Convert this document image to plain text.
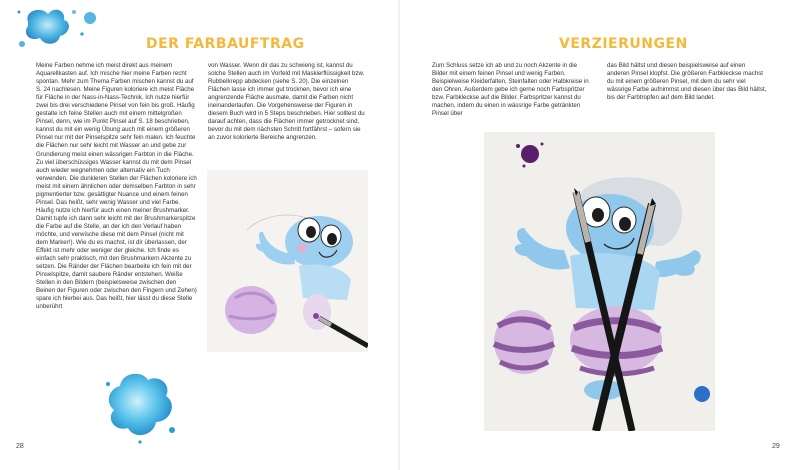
DER FARBAUFTRAG
Meine Farben nehme ich meist direkt aus meinem Aquarellkasten auf. Ich mische hier meine Farben recht spontan. Mehr zum Thema Farben mischen kannst du auf S. 24 nachlesen. Meine Figuren koloriere ich meist Fläche für Fläche in der Nass-in-Nass-Technik. Ich nutze hierfür zwei bis drei verschiedene Pinsel von fein bis groß. Häufig gestalte ich feine Stellen auch mit einem mittelgroßen Pinsel, denn, wie im Punkt Pinsel auf S. 18 beschrieben, kannst du mit ein wenig Übung auch mit einem größeren Pinsel nur mit der Pinselspitze sehr fein malen. Ich feuchte die Flächen nur sehr leicht mit Wasser an und gebe zur Grundierung meist einen wässrigen Farbton in die Fläche. Zu viel überschüssiges Wasser kannst du mit dem Pinsel auch wieder wegnehmen oder alternativ ein Tuch verwenden. Die dunkleren Stellen der Flächen koloriere ich meist mit einem ähnlichen oder demselben Farbton in sehr pigmentierter bzw. gesättigter Nuance und einem feinen Pinsel. Das heißt, sehr wenig Wasser und viel Farbe. Häufig nutze ich hierfür auch einen meiner Brushmarker. Damit tupfe ich dann sehr leicht mit der Brushmarkerspitze die Farbe auf die Stelle, an der ich den Verlauf haben möchte, und verwische diese mit dem Pinsel (nicht mit dem Marker!). Wie du es machst, ist dir überlassen, der Effekt ist mehr oder weniger der gleiche. Ich finde es einfach sehr praktisch, mit den Brushmarkern Akzente zu setzen. Die Ränder der Flächen bearbeite ich fein mit der Pinselspitze, damit saubere Ränder entstehen. Weiße Stellen in den Bildern (beispielsweise zwischen den Beinen der Figuren oder zwischen den Fingern und Zehen) spare ich hierbei aus. Das heißt, hier lässt du diese Stelle unberührt
von Wasser. Wenn dir das zu schwierig ist, kannst du solche Stellen auch im Vorfeld mit Maskierflüssigkeit bzw. Rubbelkrepp abdecken (siehe S. 20). Die einzelnen Flächen lasse ich immer gut trocknen, bevor ich eine angrenzende Fläche ausmale, damit die Farben nicht ineinanderlaufen. Die Vorgehensweise der Figuren in diesem Buch wird in 5 Steps beschrieben. Hier solltest du darauf achten, dass die Flächen immer getrocknet sind, bevor du mit dem nächsten Schritt fortfährst – sofern sie an zuvor kolorierte Bereiche angrenzen.
28
VERZIERUNGEN
Zum Schluss setze ich ab und zu noch Akzente in die Bilder mit einem feinen Pinsel und wenig Farben. Beispielweise Kleiderfalten, Steinfalten oder Halbkreise in den Ohren. Außerdem gebe ich gerne noch Farbspritzer bzw. Farbkleckse auf die Bilder. Farbspritzer kannst du machen, indem du einen in wässrige Farbe getränkten Pinsel über
das Bild hältst und diesen beispielsweise auf einen anderen Pinsel klopfst. Die größeren Farbkleckse machst du mit einem größeren Pinsel, mit dem du sehr viel wässrige Farbe aufnimmst und diesen über das Bild hältst, bis der Farbtropfen auf dem Bild landet.
29
